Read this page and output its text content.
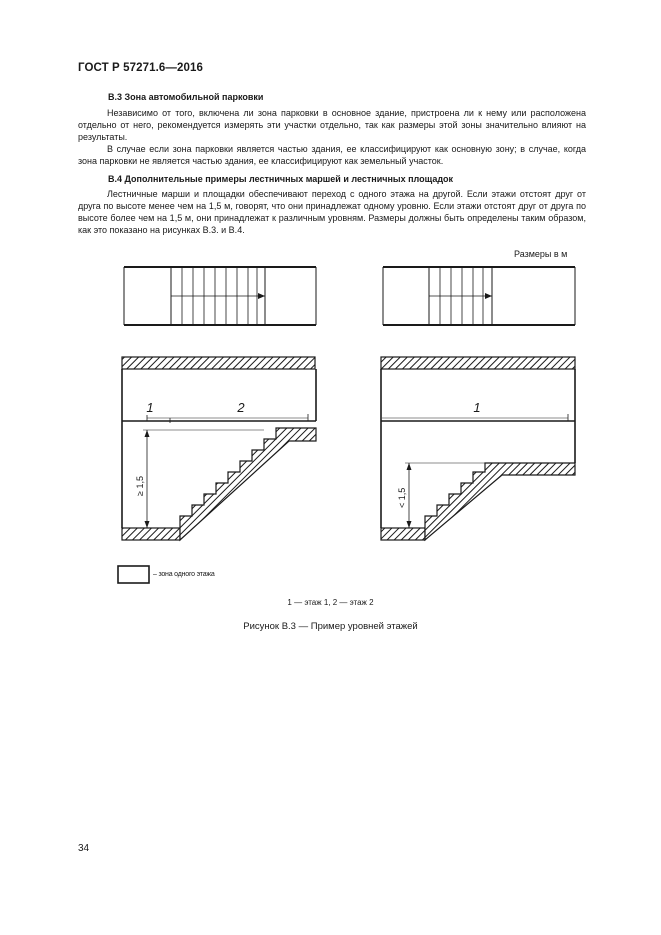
ГОСТ Р 57271.6—2016
В.3 Зона автомобильной парковки
Независимо от того, включена ли зона парковки в основное здание, пристроена ли к нему или расположена отдельно от него, рекомендуется измерять эти участки отдельно, так как размеры этой зоны значительно влияют на результаты.
В случае если зона парковки является частью здания, ее классифицируют как основную зону; в случае, когда зона парковки не является частью здания, ее классифицируют как земельный участок.
В.4 Дополнительные примеры лестничных маршей и лестничных площадок
Лестничные марши и площадки обеспечивают переход с одного этажа на другой. Если этажи отстоят друг от друга по высоте менее чем на 1,5 м, говорят, что они принадлежат одному уровню. Если этажи отстоят друг от друга по высоте более чем на 1,5 м, они принадлежат к различным уровням. Размеры должны быть определены таким образом, как это показано на рисунках В.3. и В.4.
Размеры в м
1	2
≥ 1,5
1
< 1,5
– зона одного этажа
1 — этаж 1, 2 — этаж 2
Рисунок В.3 — Пример уровней этажей
34
